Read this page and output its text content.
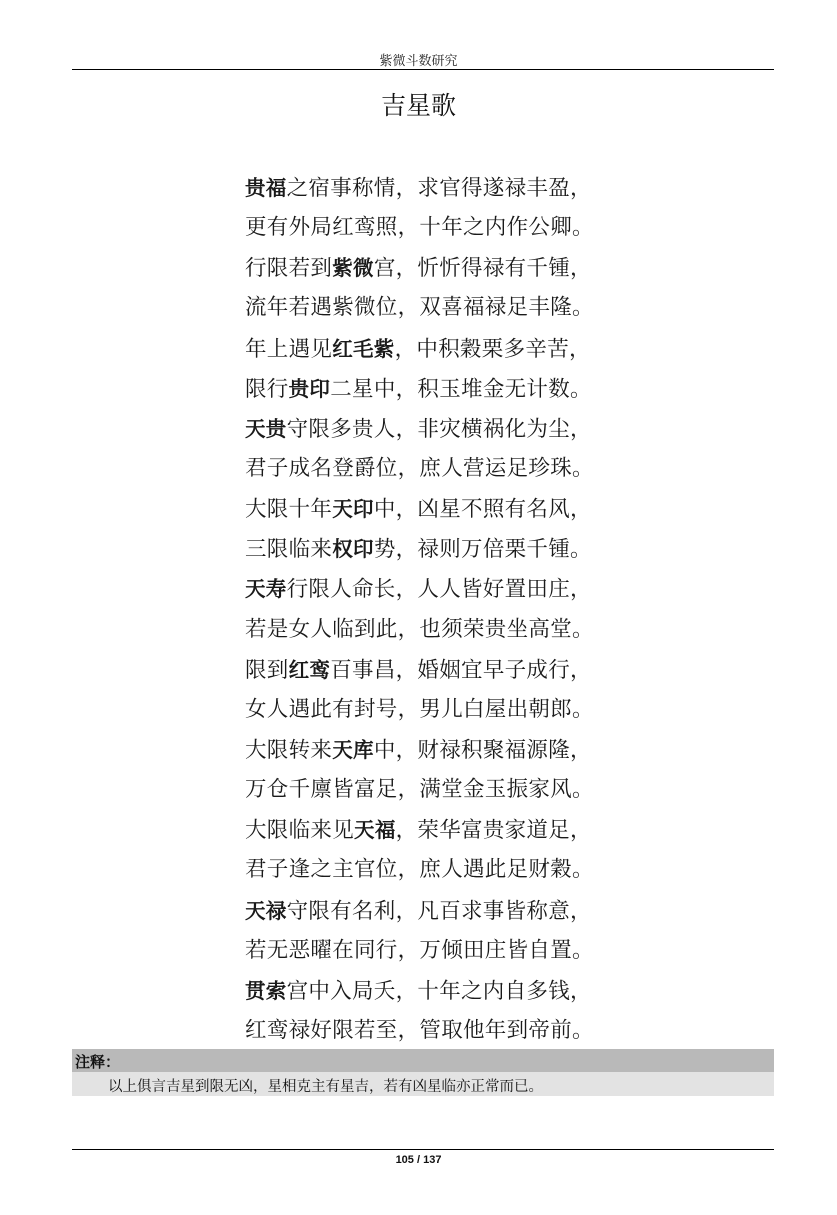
紫微斗数研究
吉星歌
贵福之宿事称情，求官得遂禄丰盈，
更有外局红鸾照，十年之内作公卿。
行限若到紫微宫，忻忻得禄有千锺，
流年若遇紫微位，双喜福禄足丰隆。
年上遇见红毛紫，中积穀栗多辛苦，
限行贵印二星中，积玉堆金无计数。
天贵守限多贵人，非灾横祸化为尘，
君子成名登爵位，庶人营运足珍珠。
大限十年天印中，凶星不照有名风，
三限临来权印势，禄则万倍栗千锺。
天寿行限人命长，人人皆好置田庄，
若是女人临到此，也须荣贵坐高堂。
限到红鸾百事昌，婚姻宜早子成行，
女人遇此有封号，男儿白屋出朝郎。
大限转来天库中，财禄积聚福源隆，
万仓千廪皆富足，满堂金玉振家风。
大限临来见天福，荣华富贵家道足，
君子逢之主官位，庶人遇此足财穀。
天禄守限有名利，凡百求事皆称意，
若无恶曜在同行，万倾田庄皆自置。
贯索宫中入局夭，十年之内自多钱，
红鸾禄好限若至，管取他年到帝前。
注释：
以上俱言吉星到限无凶，星相克主有星吉，若有凶星临亦正常而已。
105 / 137
